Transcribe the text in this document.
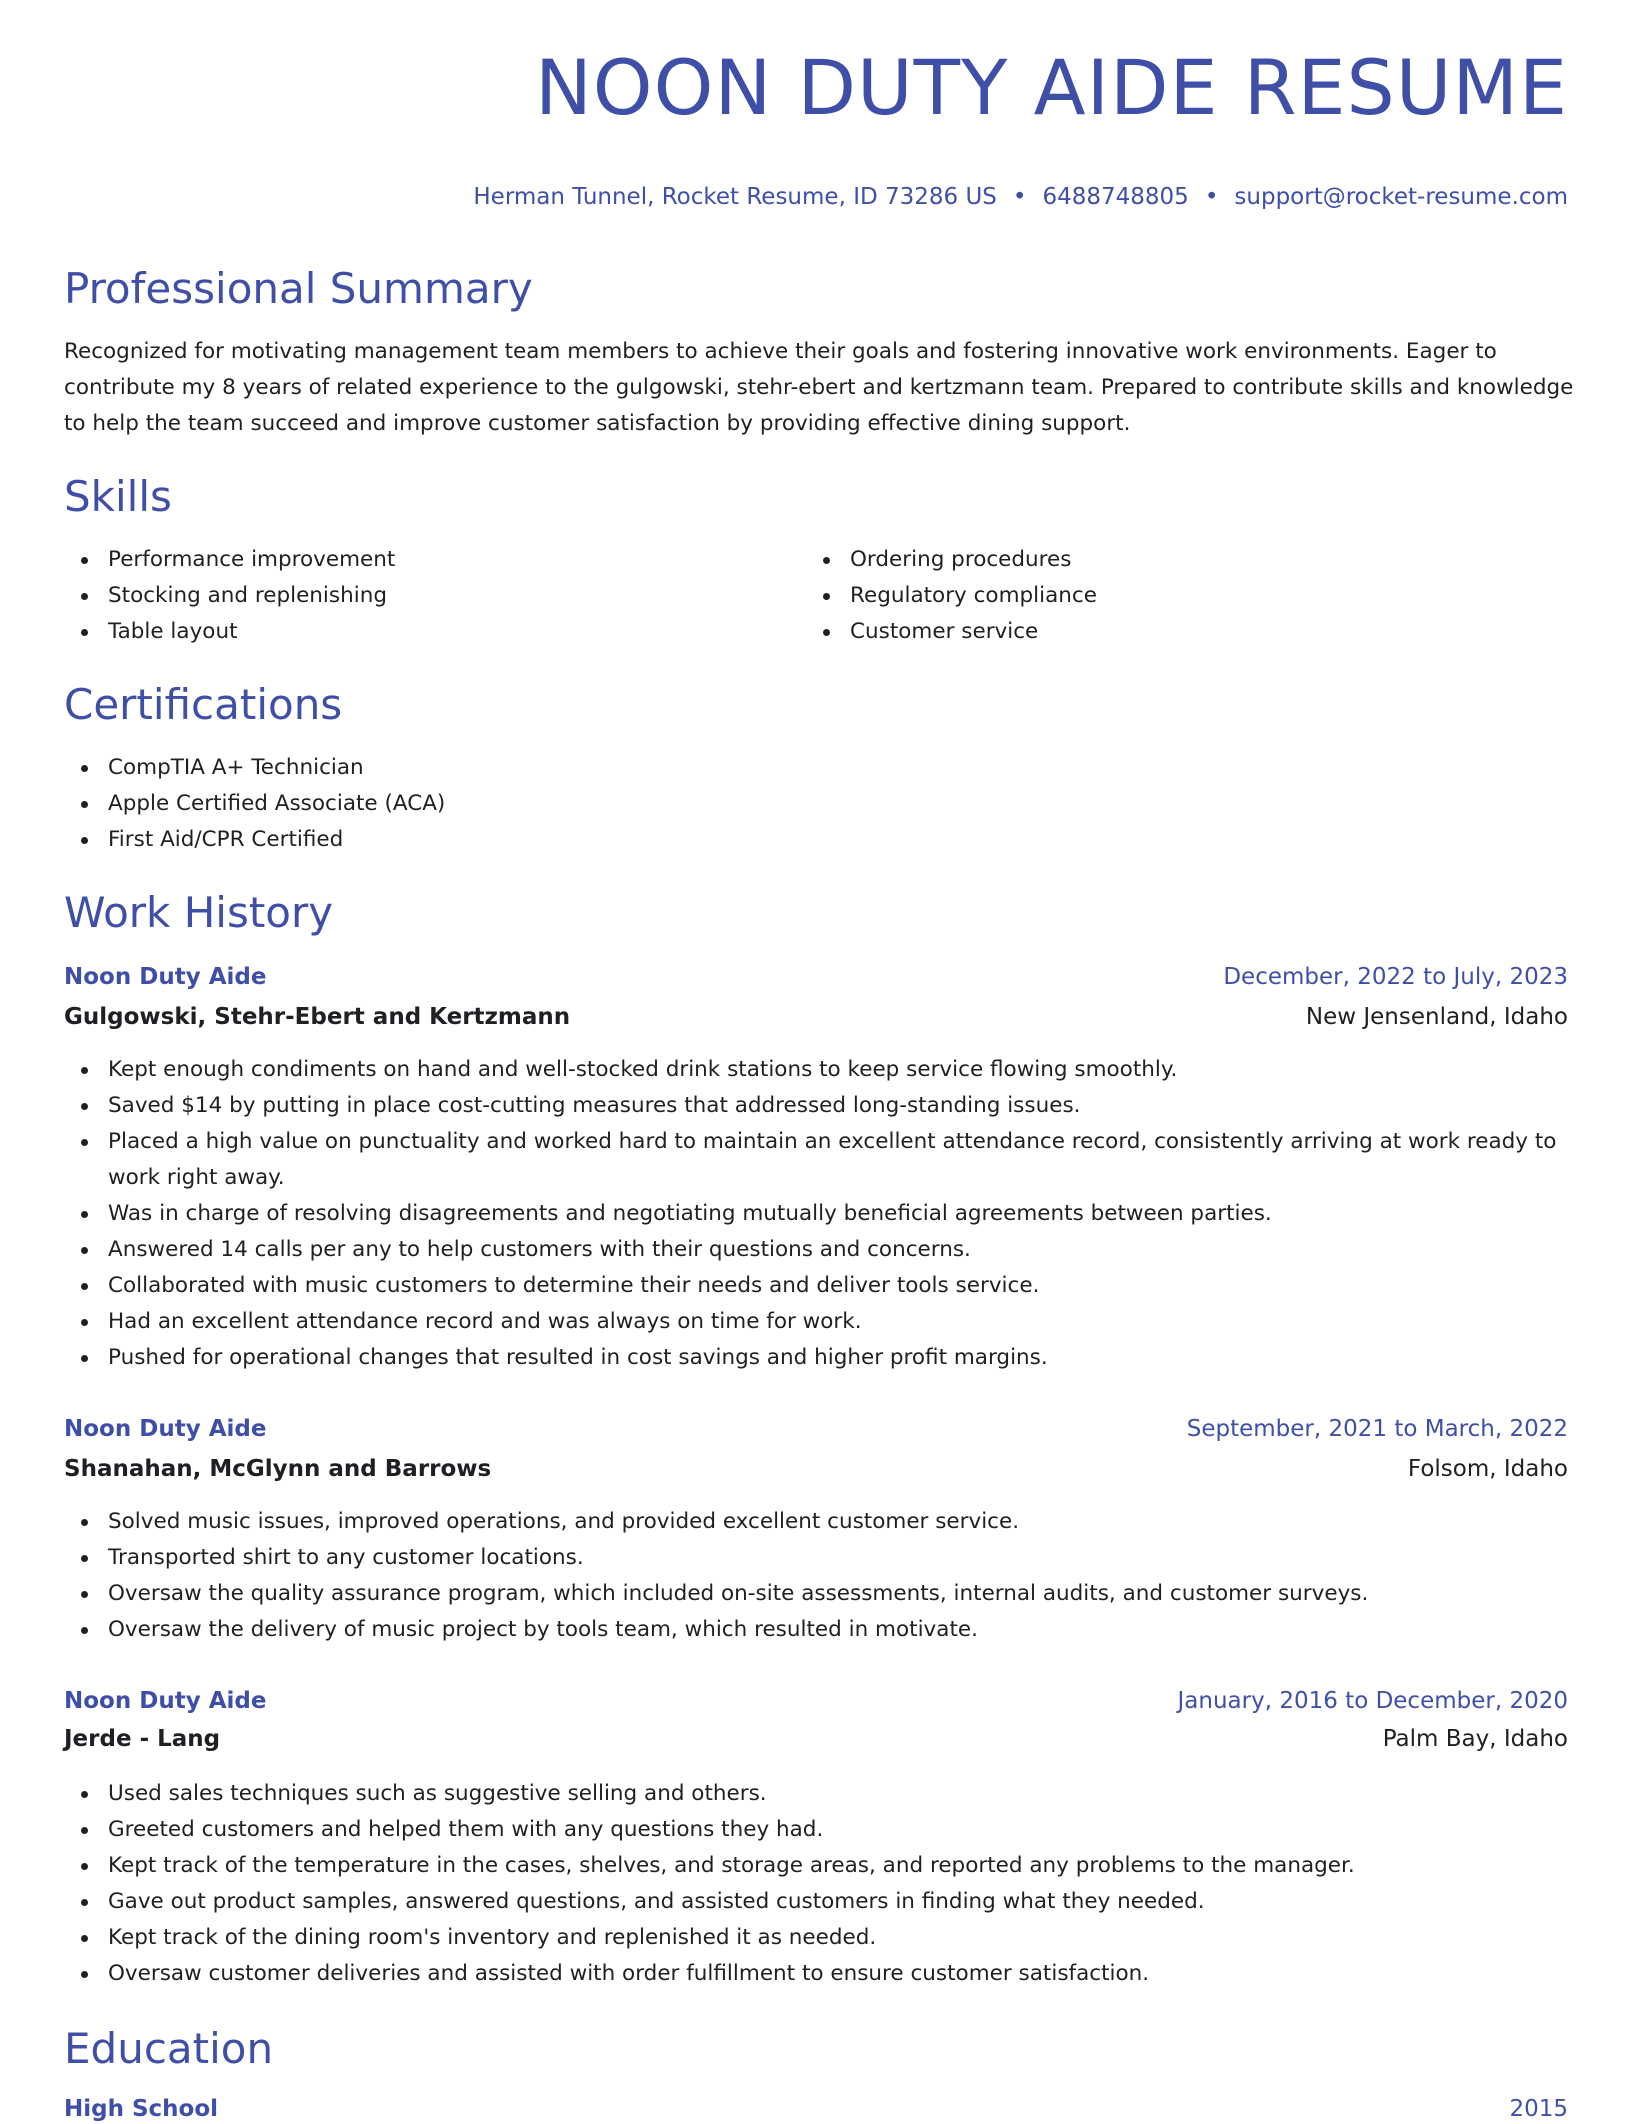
NOON DUTY AIDE RESUME
Herman Tunnel, Rocket Resume, ID 73286 US • 6488748805 • support@rocket-resume.com
Professional Summary

Recognized for motivating management team members to achieve their goals and fostering innovative work environments. Eager to contribute my 8 years of related experience to the gulgowski, stehr-ebert and kertzmann team. Prepared to contribute skills and knowledge to help the team succeed and improve customer satisfaction by providing effective dining support.

Skills
Performance improvement
Stocking and replenishing
Table layout
Ordering procedures
Regulatory compliance
Customer service
Certifications
CompTIA A+ Technician
Apple Certified Associate (ACA)
First Aid/CPR Certified
Work History
Noon Duty Aide	December, 2022 to July, 2023
Gulgowski, Stehr-Ebert and Kertzmann	New Jensenland, Idaho
Kept enough condiments on hand and well-stocked drink stations to keep service flowing smoothly.
Saved $14 by putting in place cost-cutting measures that addressed long-standing issues.
Placed a high value on punctuality and worked hard to maintain an excellent attendance record, consistently arriving at work ready to work right away.
Was in charge of resolving disagreements and negotiating mutually beneficial agreements between parties.
Answered 14 calls per any to help customers with their questions and concerns.
Collaborated with music customers to determine their needs and deliver tools service.
Had an excellent attendance record and was always on time for work.
Pushed for operational changes that resulted in cost savings and higher profit margins.
Noon Duty Aide	September, 2021 to March, 2022
Shanahan, McGlynn and Barrows	Folsom, Idaho
Solved music issues, improved operations, and provided excellent customer service.
Transported shirt to any customer locations.
Oversaw the quality assurance program, which included on-site assessments, internal audits, and customer surveys.
Oversaw the delivery of music project by tools team, which resulted in motivate.
Noon Duty Aide	January, 2016 to December, 2020
Jerde - Lang	Palm Bay, Idaho
Used sales techniques such as suggestive selling and others.
Greeted customers and helped them with any questions they had.
Kept track of the temperature in the cases, shelves, and storage areas, and reported any problems to the manager.
Gave out product samples, answered questions, and assisted customers in finding what they needed.
Kept track of the dining room's inventory and replenished it as needed.
Oversaw customer deliveries and assisted with order fulfillment to ensure customer satisfaction.
Education
High School	2015
